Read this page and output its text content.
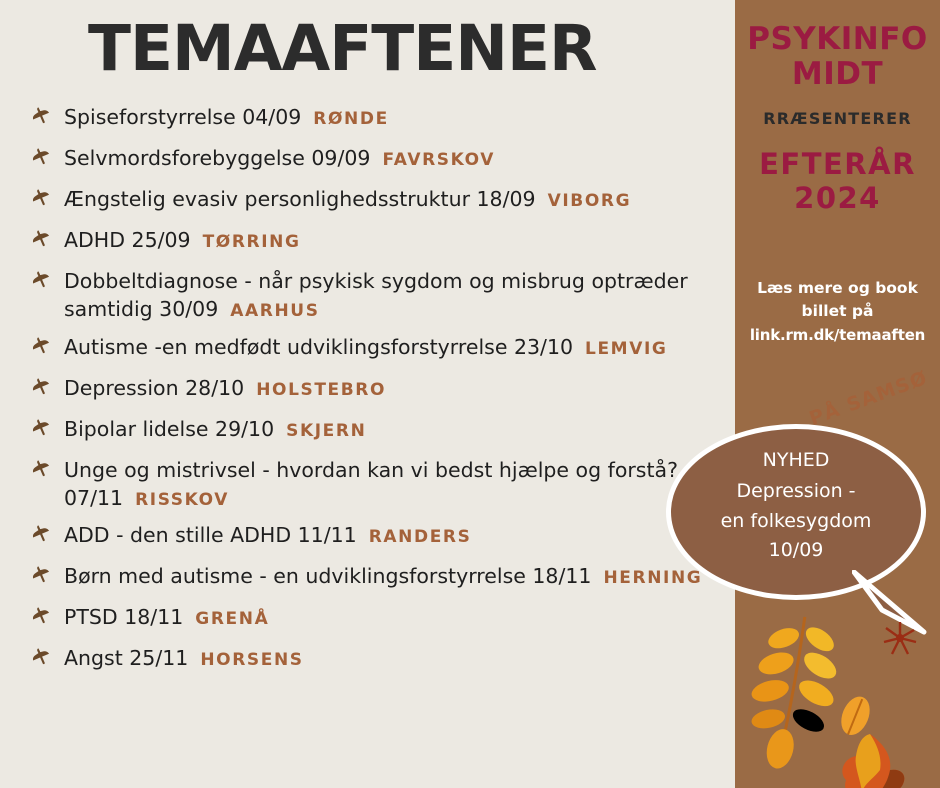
PSYKINFO
MIDT
RRÆSENTERER
EFTERÅR
2024
Læs mere og book
billet på
link.rm.dk/temaaften
TEMAAFTENER
Spiseforstyrrelse 04/09 RØNDE
Selvmordsforebyggelse 09/09 FAVRSKOV
Ængstelig evasiv personlighedsstruktur 18/09 VIBORG
ADHD 25/09 TØRRING
Dobbeltdiagnose - når psykisk sygdom og misbrug optræder samtidig 30/09 AARHUS
Autisme -en medfødt udviklingsforstyrrelse 23/10 LEMVIG
Depression 28/10 HOLSTEBRO
Bipolar lidelse 29/10 SKJERN
Unge og mistrivsel - hvordan kan vi bedst hjælpe og forstå? 07/11 RISSKOV
ADD - den stille ADHD 11/11 RANDERS
Børn med autisme - en udviklingsforstyrrelse 18/11 HERNING
PTSD 18/11 GRENÅ
Angst 25/11 HORSENS
NYHED
Depression -
en folkesygdom
10/09
PÅ SAMSØ
